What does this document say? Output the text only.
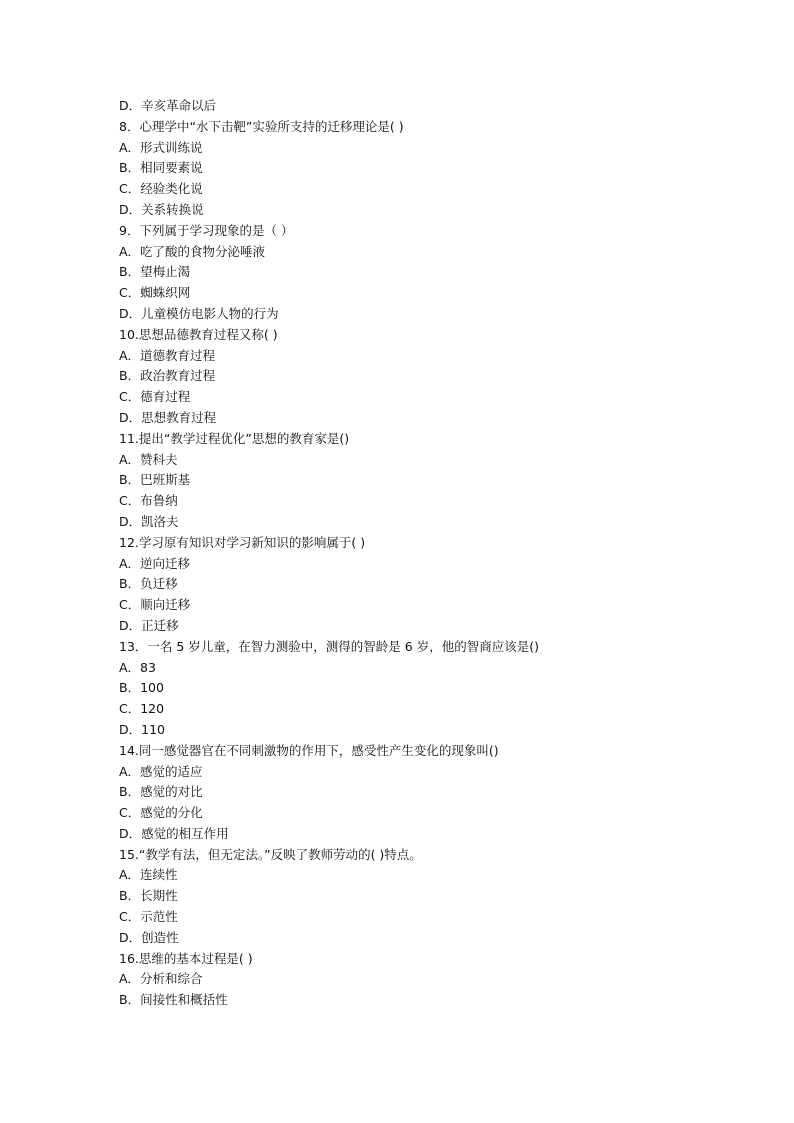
D．辛亥革命以后
8．心理学中“水下击靶”实验所支持的迁移理论是( )
A．形式训练说
B．相同要素说
C．经验类化说
D．关系转换说
9．下列属于学习现象的是（ ）
A．吃了酸的食物分泌唾液
B．望梅止渴
C．蜘蛛织网
D．儿童模仿电影人物的行为
10.思想品德教育过程又称( )
A．道德教育过程
B．政治教育过程
C．德育过程
D．思想教育过程
11.提出“教学过程优化”思想的教育家是()
A．赞科夫
B．巴班斯基
C．布鲁纳
D．凯洛夫
12.学习原有知识对学习新知识的影响属于( )
A．逆向迁移
B．负迁移
C．顺向迁移
D．正迁移
13．一名 5 岁儿童，在智力测验中，测得的智龄是 6 岁，他的智商应该是()
A．83
B．100
C．120
D．110
14.同一感觉器官在不同刺激物的作用下，感受性产生变化的现象叫()
A．感觉的适应
B．感觉的对比
C．感觉的分化
D．感觉的相互作用
15.“教学有法，但无定法。”反映了教师劳动的( )特点。
A．连续性
B．长期性
C．示范性
D．创造性
16.思维的基本过程是( )
A．分析和综合
B．间接性和概括性
